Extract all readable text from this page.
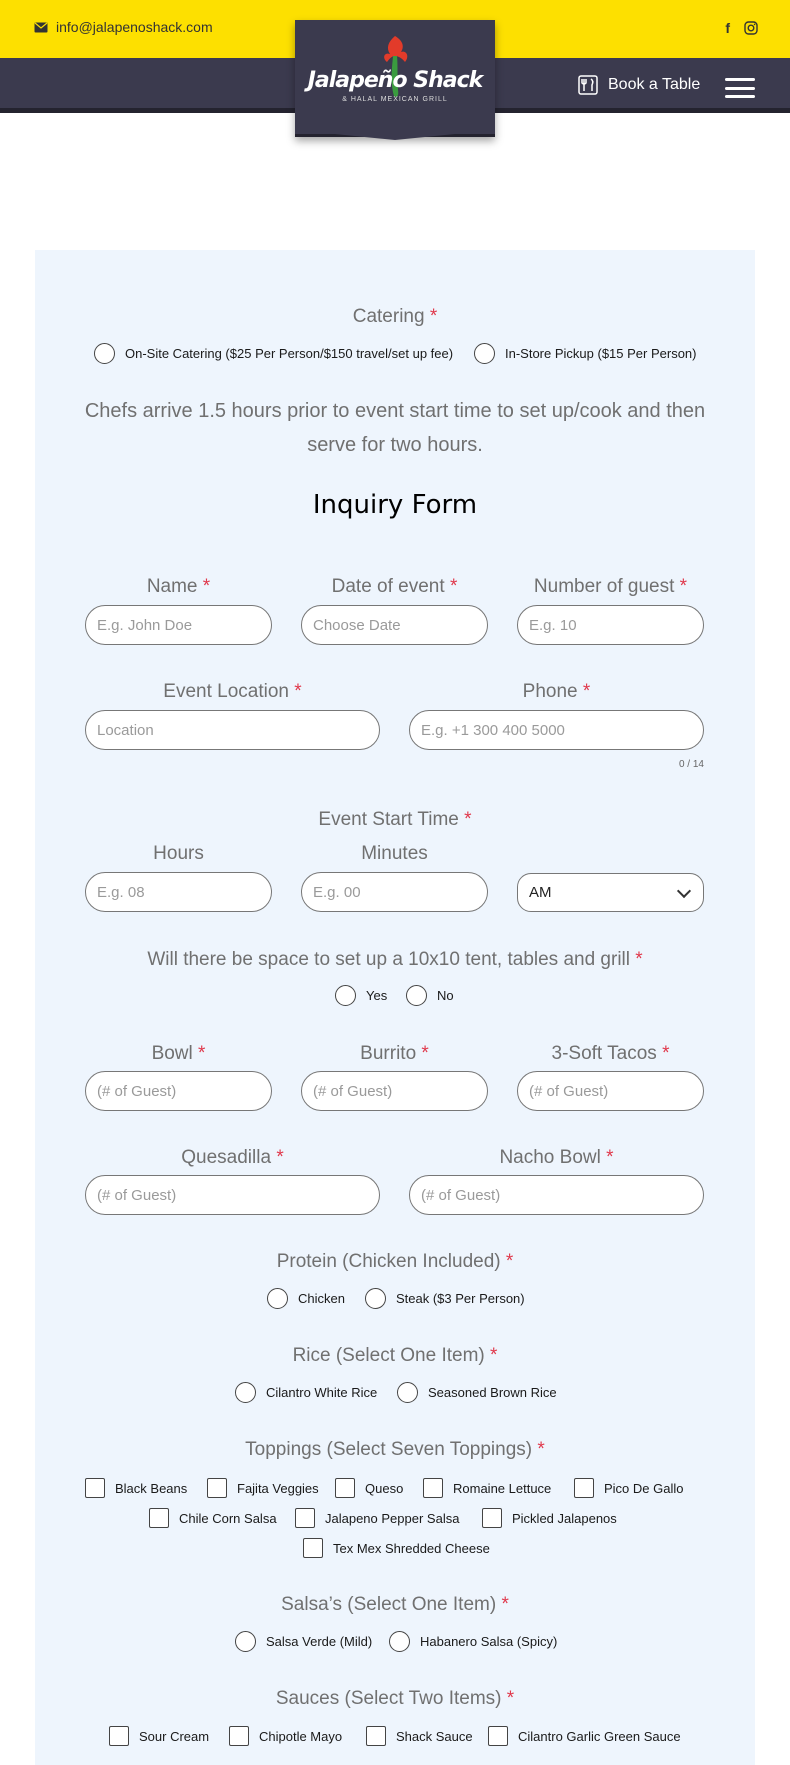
info@jalapenoshack.com	f
Jalapeño Shack
& HALAL MEXICAN GRILL
Book a Table
Catering *
On-Site Catering ($25 Per Person/$150 travel/set up fee)	In-Store Pickup ($15 Per Person)
Chefs arrive 1.5 hours prior to event start time to set up/cook and then
serve for two hours.
Inquiry Form
Name *	Date of event *	Number of guest *
E.g. John Doe	Choose Date	E.g. 10
Event Location *	Phone *
Location	E.g. +1 300 400 5000
0 / 14
Event Start Time *
Hours	Minutes
E.g. 08	E.g. 00	AM
Will there be space to set up a 10x10 tent, tables and grill *
Yes	No
Bowl *	Burrito *	3-Soft Tacos *
(# of Guest)	(# of Guest)	(# of Guest)
Quesadilla *	Nacho Bowl *
(# of Guest)	(# of Guest)
Protein (Chicken Included) *
Chicken	Steak ($3 Per Person)
Rice (Select One Item) *
Cilantro White Rice	Seasoned Brown Rice
Toppings (Select Seven Toppings) *
Black Beans	Fajita Veggies	Queso	Romaine Lettuce	Pico De Gallo
Chile Corn Salsa	Jalapeno Pepper Salsa	Pickled Jalapenos
Tex Mex Shredded Cheese
Salsa’s (Select One Item) *
Salsa Verde (Mild)	Habanero Salsa (Spicy)
Sauces (Select Two Items) *
Sour Cream	Chipotle Mayo	Shack Sauce	Cilantro Garlic Green Sauce
